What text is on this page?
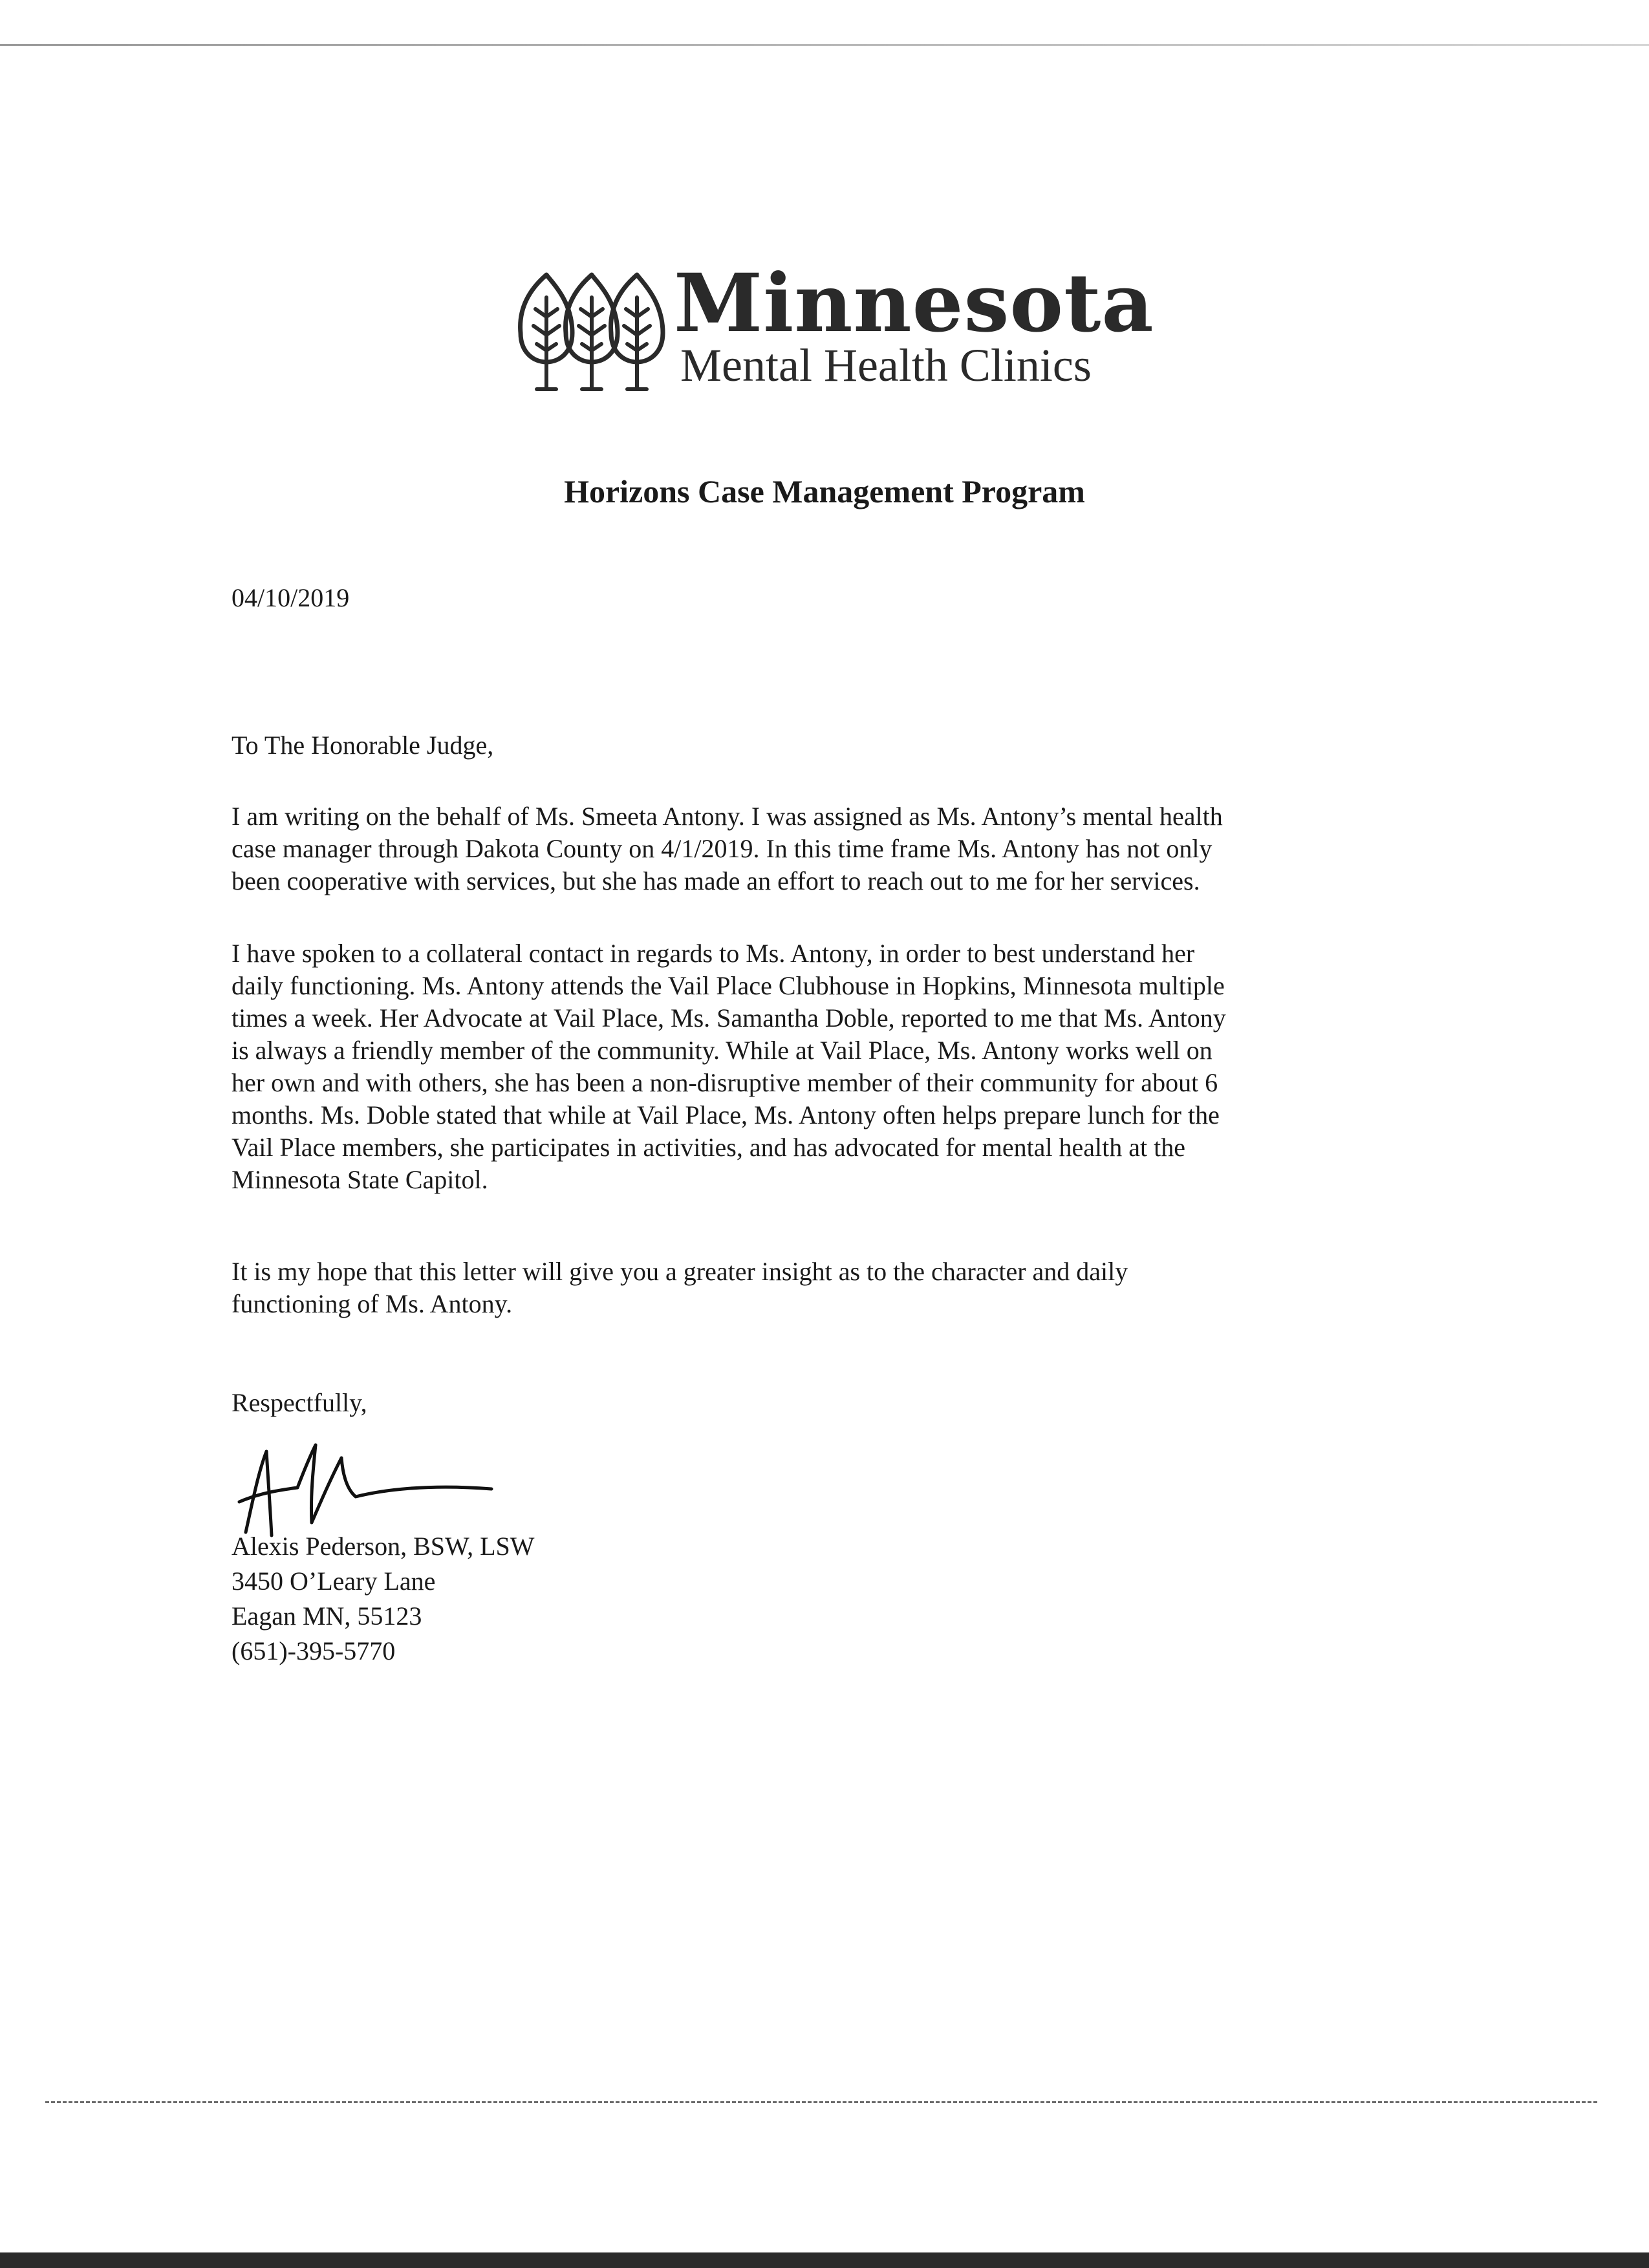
Minnesota
Mental Health Clinics
Horizons Case Management Program
04/10/2019
To The Honorable Judge,
I am writing on the behalf of Ms. Smeeta Antony. I was assigned as Ms. Antony’s mental health
case manager through Dakota County on 4/1/2019. In this time frame Ms. Antony has not only
been cooperative with services, but she has made an effort to reach out to me for her services.
I have spoken to a collateral contact in regards to Ms. Antony, in order to best understand her
daily functioning. Ms. Antony attends the Vail Place Clubhouse in Hopkins, Minnesota multiple
times a week. Her Advocate at Vail Place, Ms. Samantha Doble, reported to me that Ms. Antony
is always a friendly member of the community. While at Vail Place, Ms. Antony works well on
her own and with others, she has been a non-disruptive member of their community for about 6
months. Ms. Doble stated that while at Vail Place, Ms. Antony often helps prepare lunch for the
Vail Place members, she participates in activities, and has advocated for mental health at the
Minnesota State Capitol.
It is my hope that this letter will give you a greater insight as to the character and daily
functioning of Ms. Antony.
Respectfully,
Alexis Pederson, BSW, LSW
3450 O’Leary Lane
Eagan MN, 55123
(651)-395-5770
